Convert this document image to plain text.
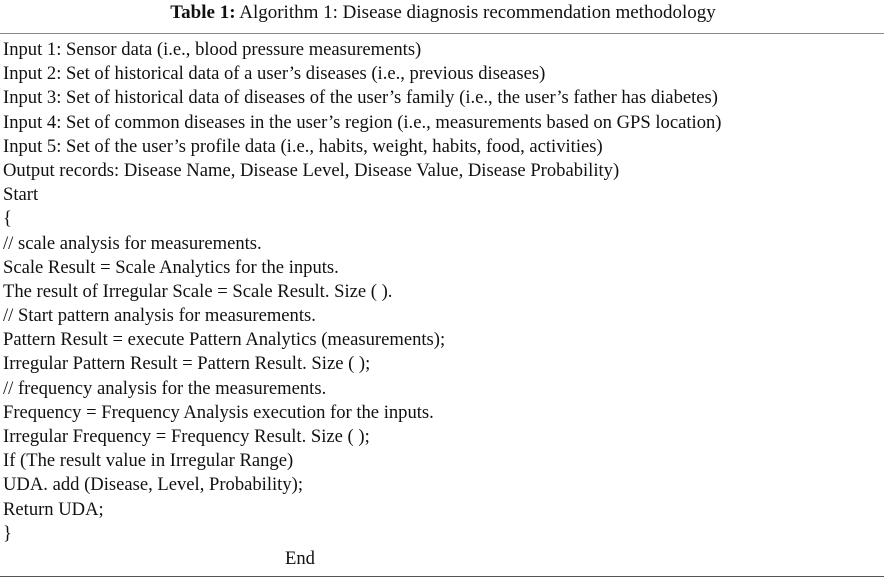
Table 1: Algorithm 1: Disease diagnosis recommendation methodology
Input 1: Sensor data (i.e., blood pressure measurements)
Input 2: Set of historical data of a user’s diseases (i.e., previous diseases)
Input 3: Set of historical data of diseases of the user’s family (i.e., the user’s father has diabetes)
Input 4: Set of common diseases in the user’s region (i.e., measurements based on GPS location)
Input 5: Set of the user’s profile data (i.e., habits, weight, habits, food, activities)
Output records: Disease Name, Disease Level, Disease Value, Disease Probability)
Start
{
// scale analysis for measurements.
Scale Result = Scale Analytics for the inputs.
The result of Irregular Scale = Scale Result. Size ( ).
// Start pattern analysis for measurements.
Pattern Result = execute Pattern Analytics (measurements);
Irregular Pattern Result = Pattern Result. Size ( );
// frequency analysis for the measurements.
Frequency = Frequency Analysis execution for the inputs.
Irregular Frequency = Frequency Result. Size ( );
If (The result value in Irregular Range)
UDA. add (Disease, Level, Probability);
Return UDA;
}
End
